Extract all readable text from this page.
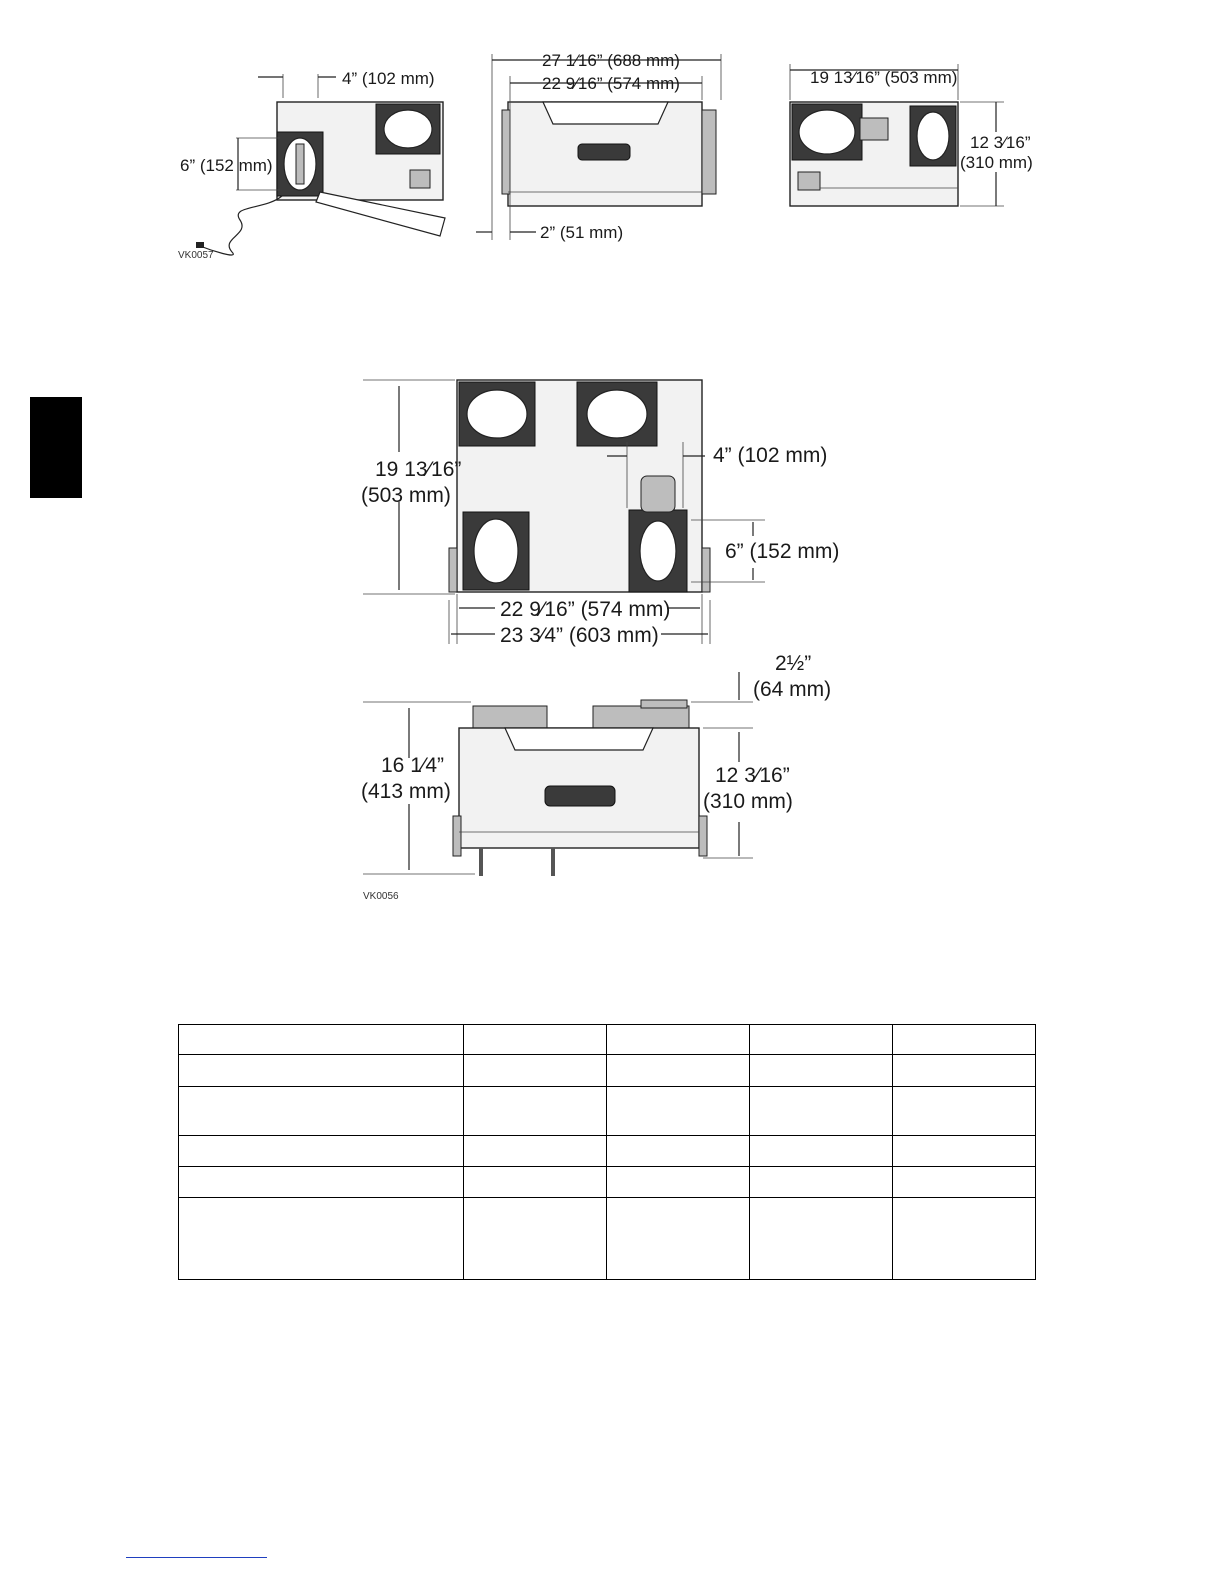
4” (102 mm)
6” (152 mm)
27 1⁄16” (688 mm)
22 9⁄16” (574 mm)
2” (51 mm)
19 13⁄16” (503 mm)
12 3⁄16”
(310 mm)
VK0057
19 13⁄16”
(503 mm)
4” (102 mm)
6” (152 mm)
22 9⁄16” (574 mm)
23 3⁄4” (603 mm)
2½”
(64 mm)
16 1⁄4”
(413 mm)
12 3⁄16”
(310 mm)
VK0056
